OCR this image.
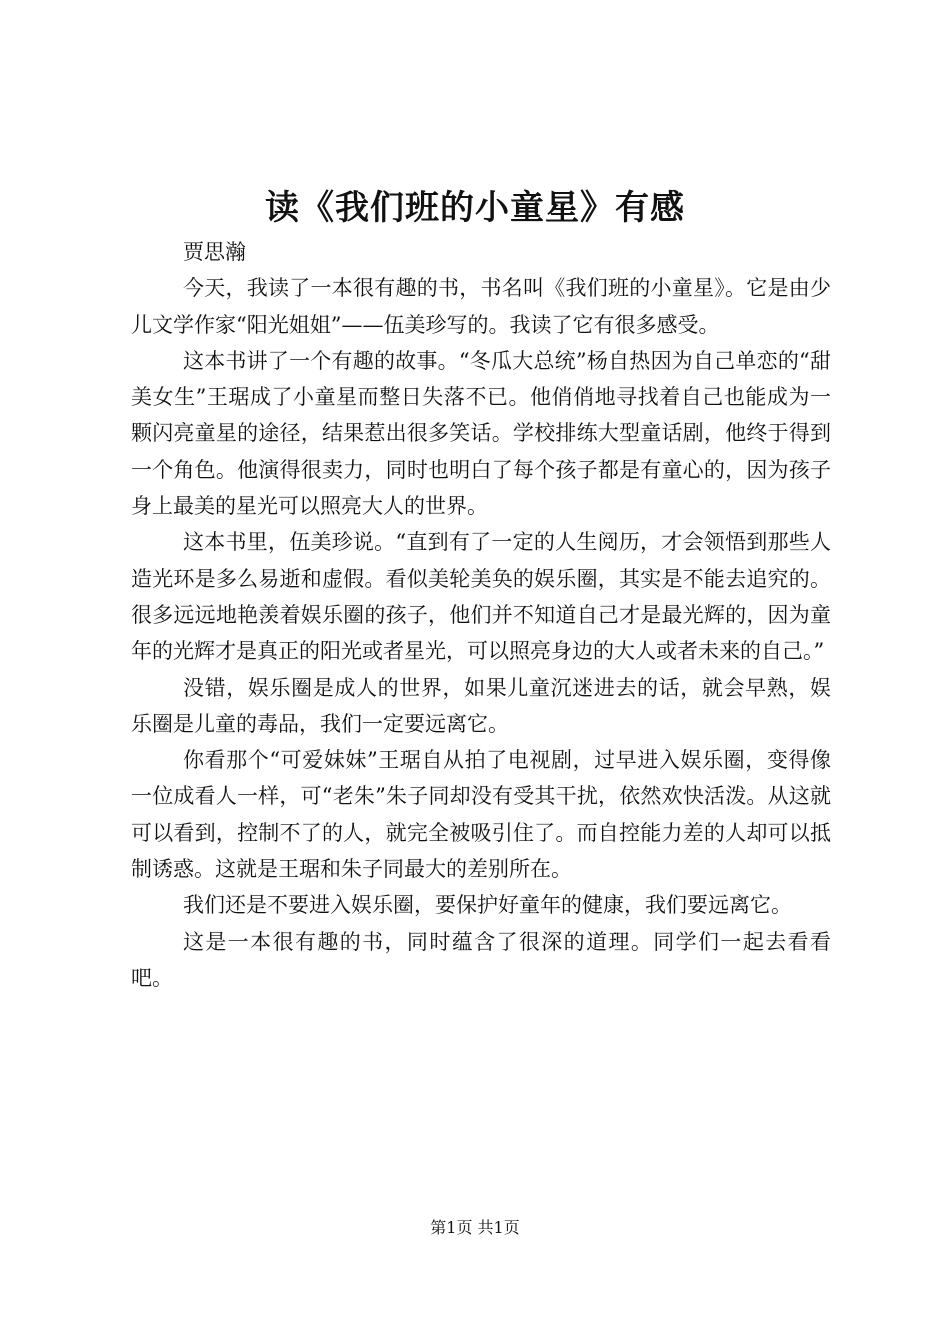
读《我们班的小童星》有感

贾思瀚

今天，我读了一本很有趣的书，书名叫《我们班的小童星》。它是由少儿文学作家“阳光姐姐”——伍美珍写的。我读了它有很多感受。

这本书讲了一个有趣的故事。“冬瓜大总统”杨自热因为自己单恋的“甜美女生”王琚成了小童星而整日失落不已。他俏俏地寻找着自己也能成为一颗闪亮童星的途径，结果惹出很多笑话。学校排练大型童话剧，他终于得到一个角色。他演得很卖力，同时也明白了每个孩子都是有童心的，因为孩子身上最美的星光可以照亮大人的世界。

这本书里，伍美珍说。“直到有了一定的人生阅历，才会领悟到那些人造光环是多么易逝和虚假。看似美轮美奂的娱乐圈，其实是不能去追究的。很多远远地艳羡着娱乐圈的孩子，他们并不知道自己才是最光辉的，因为童年的光辉才是真正的阳光或者星光，可以照亮身边的大人或者未来的自己。”

没错，娱乐圈是成人的世界，如果儿童沉迷进去的话，就会早熟，娱乐圈是儿童的毒品，我们一定要远离它。

你看那个“可爱妹妹”王琚自从拍了电视剧，过早进入娱乐圈，变得像一位成看人一样，可“老朱”朱子同却没有受其干扰，依然欢快活泼。从这就可以看到，控制不了的人，就完全被吸引住了。而自控能力差的人却可以抵制诱惑。这就是王琚和朱子同最大的差别所在。

我们还是不要进入娱乐圈，要保护好童年的健康，我们要远离它。

这是一本很有趣的书，同时蕴含了很深的道理。同学们一起去看看吧。

第1页 共1页
